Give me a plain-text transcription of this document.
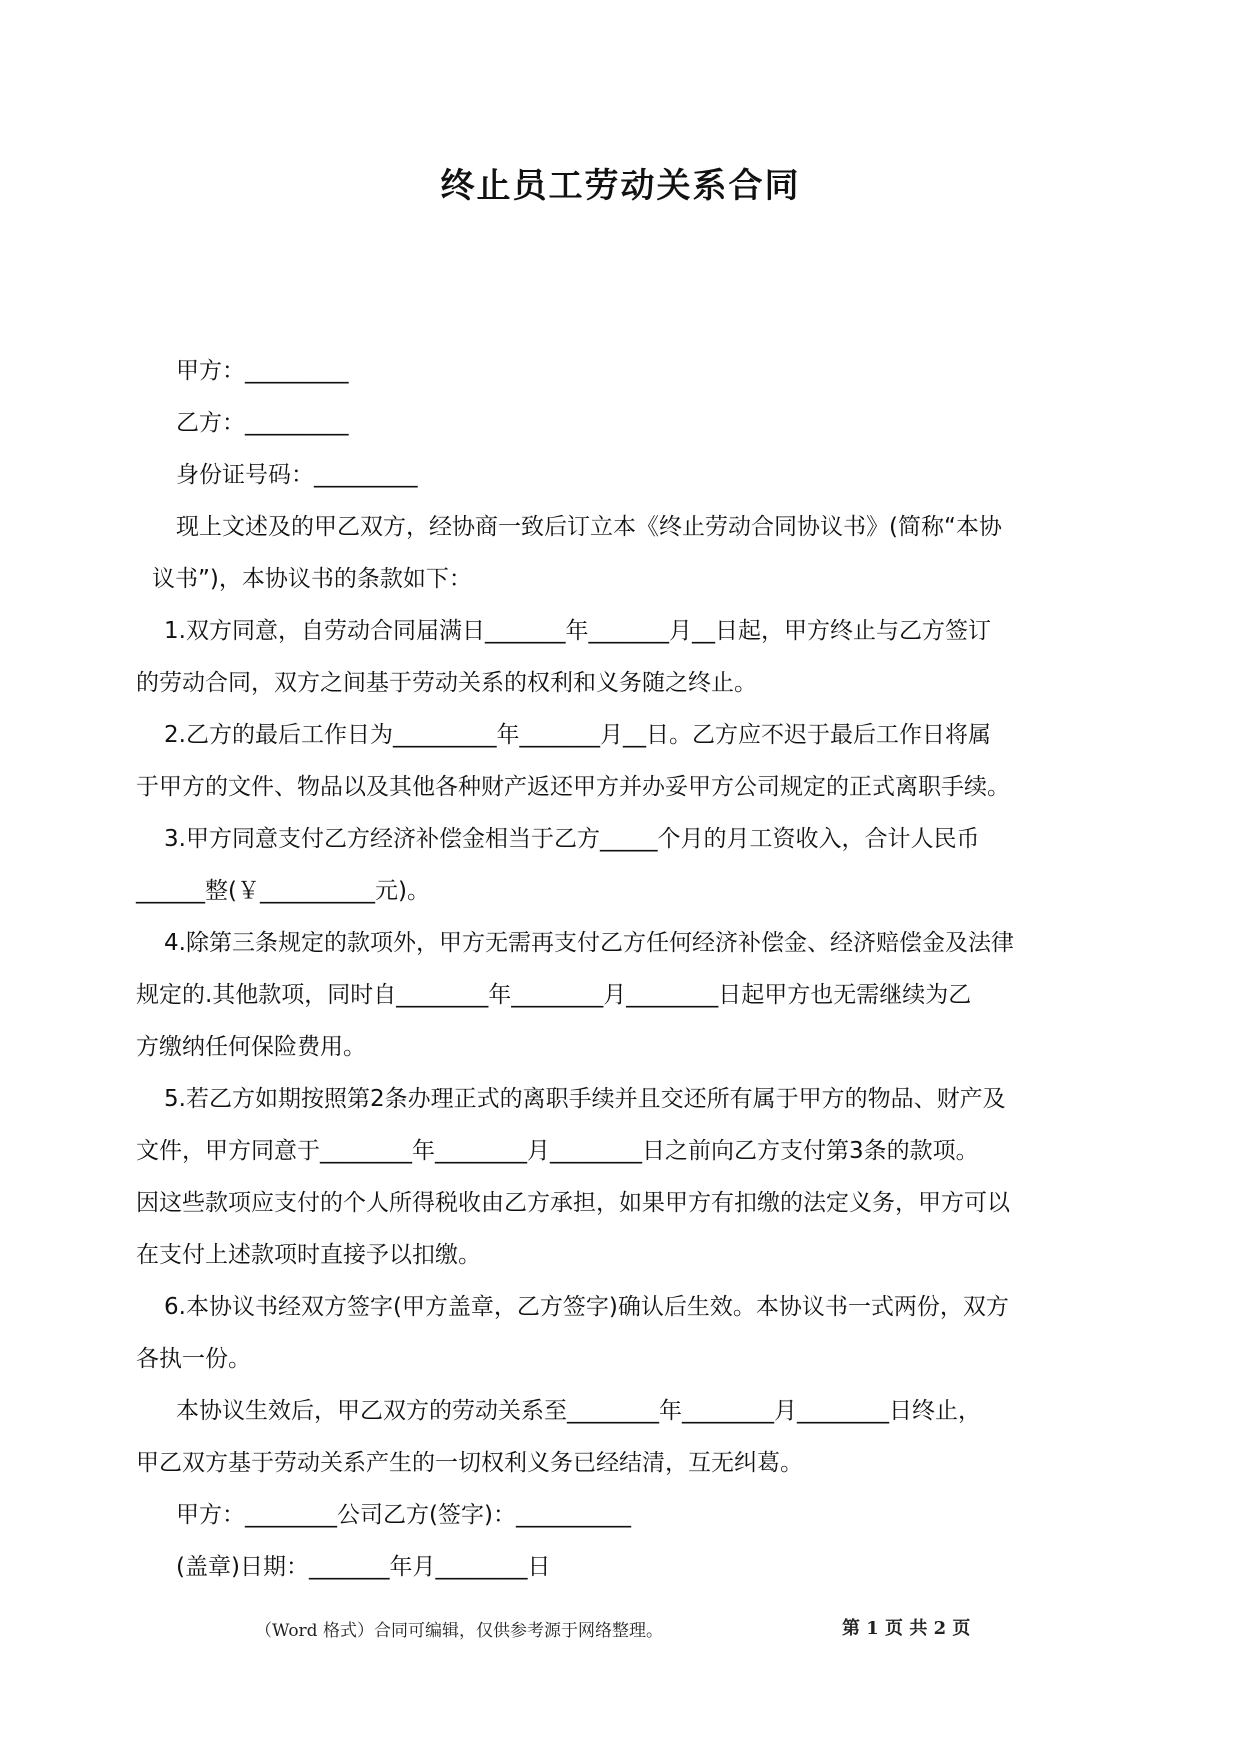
终止员工劳动关系合同

甲方：_________

乙方：_________

身份证号码：_________

现上文述及的甲乙双方，经协商一致后订立本《终止劳动合同协议书》(简称“本协

议书”)，本协议书的条款如下：

1.双方同意，自劳动合同届满日_______年_______月__日起，甲方终止与乙方签订

的劳动合同，双方之间基于劳动关系的权利和义务随之终止。

2.乙方的最后工作日为_________年_______月__日。乙方应不迟于最后工作日将属

于甲方的文件、物品以及其他各种财产返还甲方并办妥甲方公司规定的正式离职手续。

3.甲方同意支付乙方经济补偿金相当于乙方_____个月的月工资收入，合计人民币

______整(￥__________元)。

4.除第三条规定的款项外，甲方无需再支付乙方任何经济补偿金、经济赔偿金及法律

规定的.其他款项，同时自________年________月________日起甲方也无需继续为乙

方缴纳任何保险费用。

5.若乙方如期按照第2条办理正式的离职手续并且交还所有属于甲方的物品、财产及

文件，甲方同意于________年________月________日之前向乙方支付第3条的款项。

因这些款项应支付的个人所得税收由乙方承担，如果甲方有扣缴的法定义务，甲方可以

在支付上述款项时直接予以扣缴。

6.本协议书经双方签字(甲方盖章，乙方签字)确认后生效。本协议书一式两份，双方

各执一份。

本协议生效后，甲乙双方的劳动关系至________年________月________日终止，

甲乙双方基于劳动关系产生的一切权利义务已经结清，互无纠葛。

甲方：________公司乙方(签字)：__________

(盖章)日期：_______年月________日

（Word 格式）合同可编辑，仅供参考源于网络整理。	第 1 页 共 2 页
